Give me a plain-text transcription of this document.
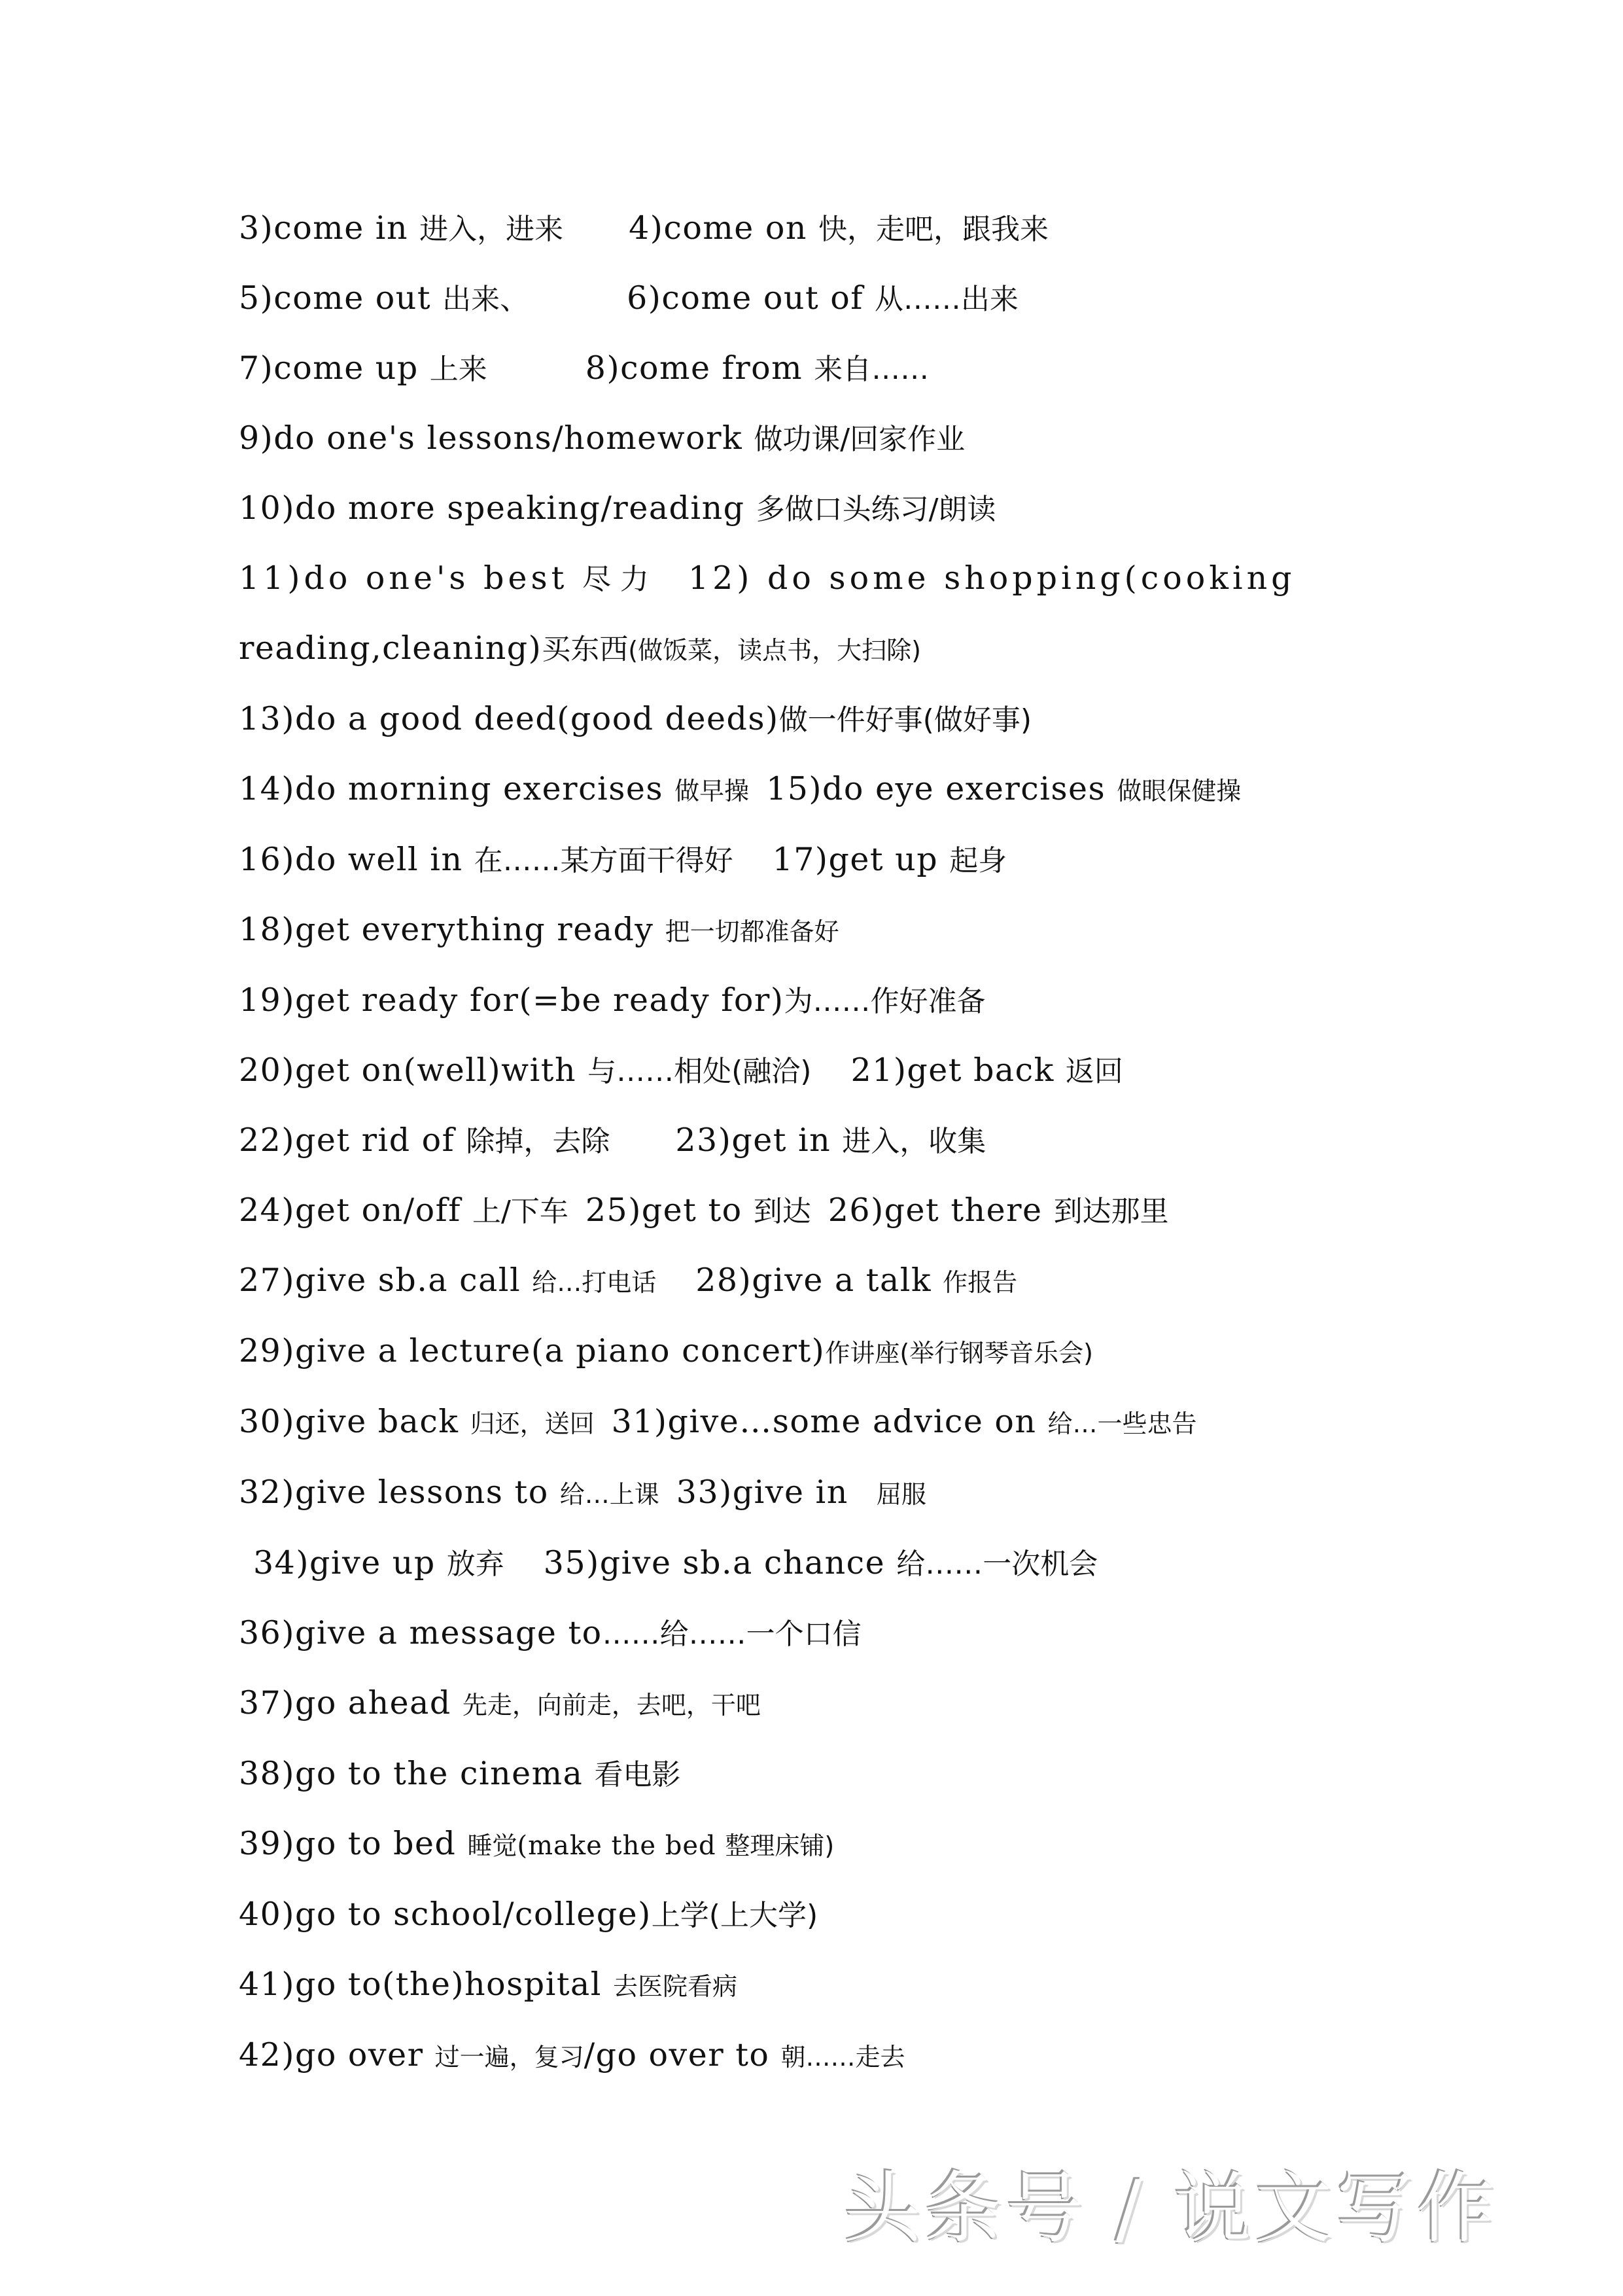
3)come in 进入，进来 4)come on 快，走吧，跟我来
5)come out 出来、	6)come out of 从……出来
7)come up 上来	8)come from 来自……
9)do one's lessons/homework 做功课/回家作业
10)do more speaking/reading 多做口头练习/朗读
11)do one's best 尽 力 12) do some shopping(cooking
reading,cleaning)买东西(做饭菜，读点书，大扫除)
13)do a good deed(good deeds)做一件好事(做好事)
14)do morning exercises 做早操 15)do eye exercises 做眼保健操
16)do well in 在……某方面干得好 17)get up 起身
18)get everything ready 把一切都准备好
19)get ready for(=be ready for)为……作好准备
20)get on(well)with 与……相处(融洽) 21)get back 返回
22)get rid of 除掉，去除 23)get in 进入，收集
24)get on/off 上/下车 25)get to 到达 26)get there 到达那里
27)give sb.a call 给…打电话 28)give a talk 作报告
29)give a lecture(a piano concert)作讲座(举行钢琴音乐会)
30)give back 归还，送回 31)give…some advice on 给…一些忠告
32)give lessons to 给…上课 33)give in 屈服
34)give up 放弃 35)give sb.a chance 给……一次机会
36)give a message to……给……一个口信
37)go ahead 先走，向前走，去吧，干吧
38)go to the cinema 看电影
39)go to bed 睡觉(make the bed 整理床铺)
40)go to school/college)上学(上大学)
41)go to(the)hospital 去医院看病
42)go over 过一遍，复习/go over to 朝……走去
头条号 / 说文写作
